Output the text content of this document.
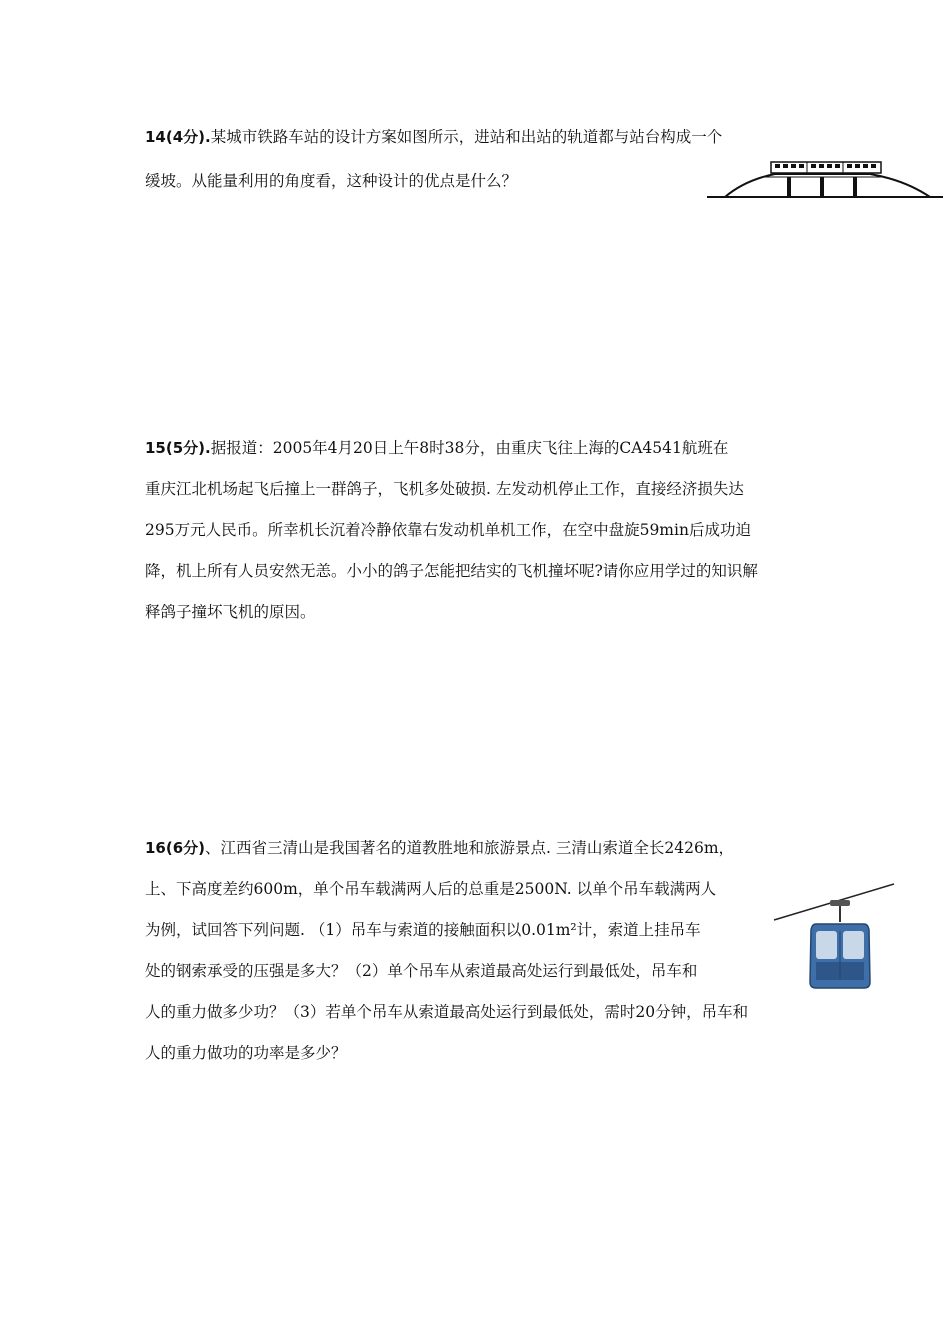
14(4分).某城市铁路车站的设计方案如图所示，进站和出站的轨道都与站台构成一个
缓坡。从能量利用的角度看，这种设计的优点是什么？
15(5分).据报道：2005年4月20日上午8时38分，由重庆飞往上海的CA4541航班在
重庆江北机场起飞后撞上一群鸽子，飞机多处破损. 左发动机停止工作，直接经济损失达
295万元人民币。所幸机长沉着冷静依靠右发动机单机工作，在空中盘旋59min后成功迫
降，机上所有人员安然无恙。小小的鸽子怎能把结实的飞机撞坏呢?请你应用学过的知识解
释鸽子撞坏飞机的原因。
16(6分)、江西省三清山是我国著名的道教胜地和旅游景点. 三清山索道全长2426m，
上、下高度差约600m，单个吊车载满两人后的总重是2500N. 以单个吊车载满两人
为例，试回答下列问题. （1）吊车与索道的接触面积以0.01m²计，索道上挂吊车
处的钢索承受的压强是多大？（2）单个吊车从索道最高处运行到最低处，吊车和
人的重力做多少功？（3）若单个吊车从索道最高处运行到最低处，需时20分钟，吊车和
人的重力做功的功率是多少？
